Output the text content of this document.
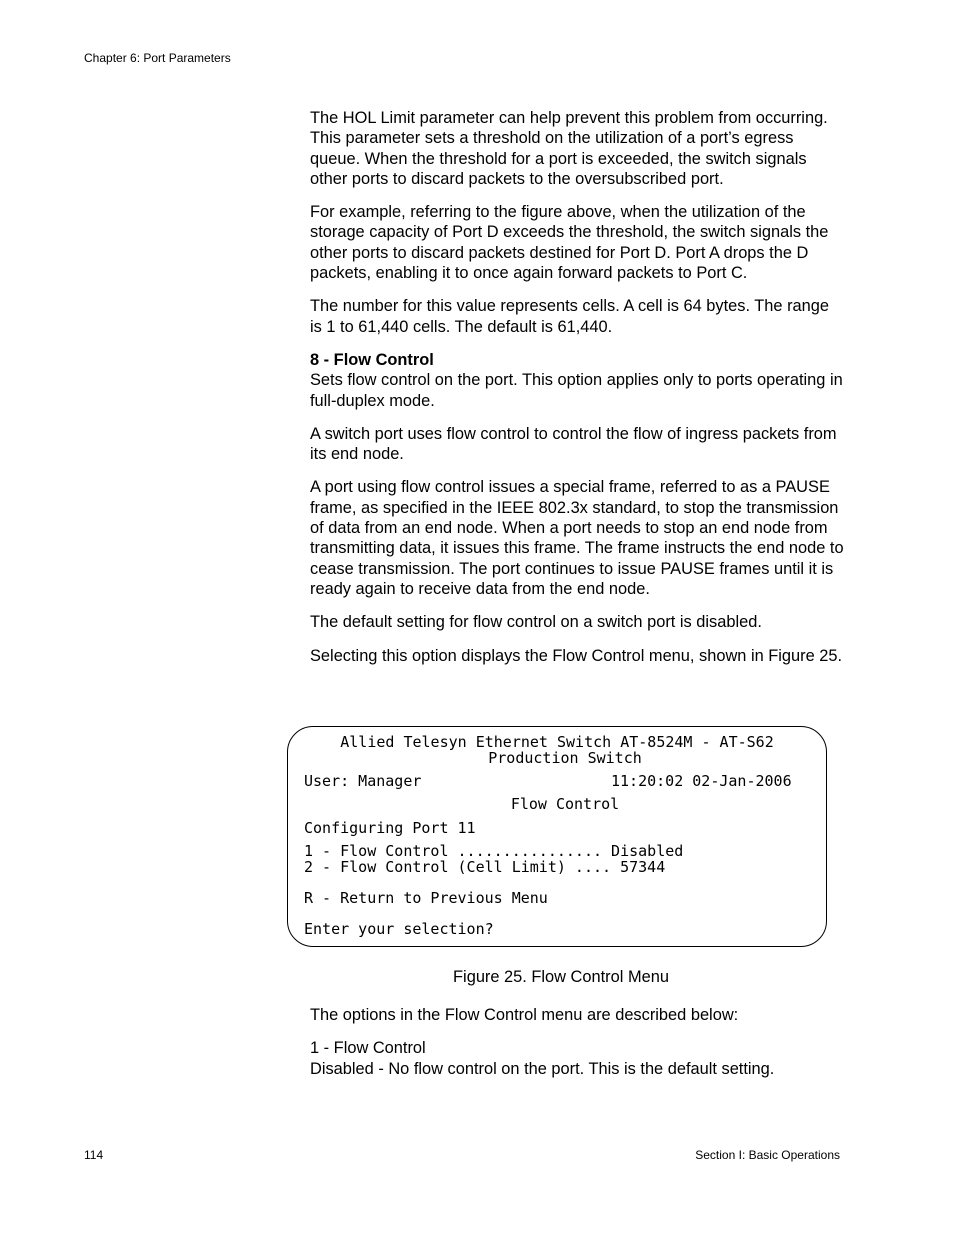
Chapter 6: Port Parameters

The HOL Limit parameter can help prevent this problem from occurring. This parameter sets a threshold on the utilization of a port’s egress queue. When the threshold for a port is exceeded, the switch signals other ports to discard packets to the oversubscribed port.

For example, referring to the figure above, when the utilization of the storage capacity of Port D exceeds the threshold, the switch signals the other ports to discard packets destined for Port D. Port A drops the D packets, enabling it to once again forward packets to Port C.

The number for this value represents cells. A cell is 64 bytes. The range is 1 to 61,440 cells. The default is 61,440.

8 - Flow Control
Sets flow control on the port. This option applies only to ports operating in full-duplex mode.

A switch port uses flow control to control the flow of ingress packets from its end node.

A port using flow control issues a special frame, referred to as a PAUSE frame, as specified in the IEEE 802.3x standard, to stop the transmission of data from an end node. When a port needs to stop an end node from transmitting data, it issues this frame. The frame instructs the end node to cease transmission. The port continues to issue PAUSE frames until it is ready again to receive data from the end node.

The default setting for flow control on a switch port is disabled.

Selecting this option displays the Flow Control menu, shown in Figure 25.

Allied Telesyn Ethernet Switch AT-8524M - AT-S62
Production Switch
User: Manager	11:20:02 02-Jan-2006
Flow Control
Configuring Port 11
1 - Flow Control ................ Disabled
2 - Flow Control (Cell Limit) .... 57344
R - Return to Previous Menu
Enter your selection?
Figure 25. Flow Control Menu

The options in the Flow Control menu are described below:

1 - Flow Control
Disabled - No flow control on the port. This is the default setting.

114	Section I: Basic Operations
